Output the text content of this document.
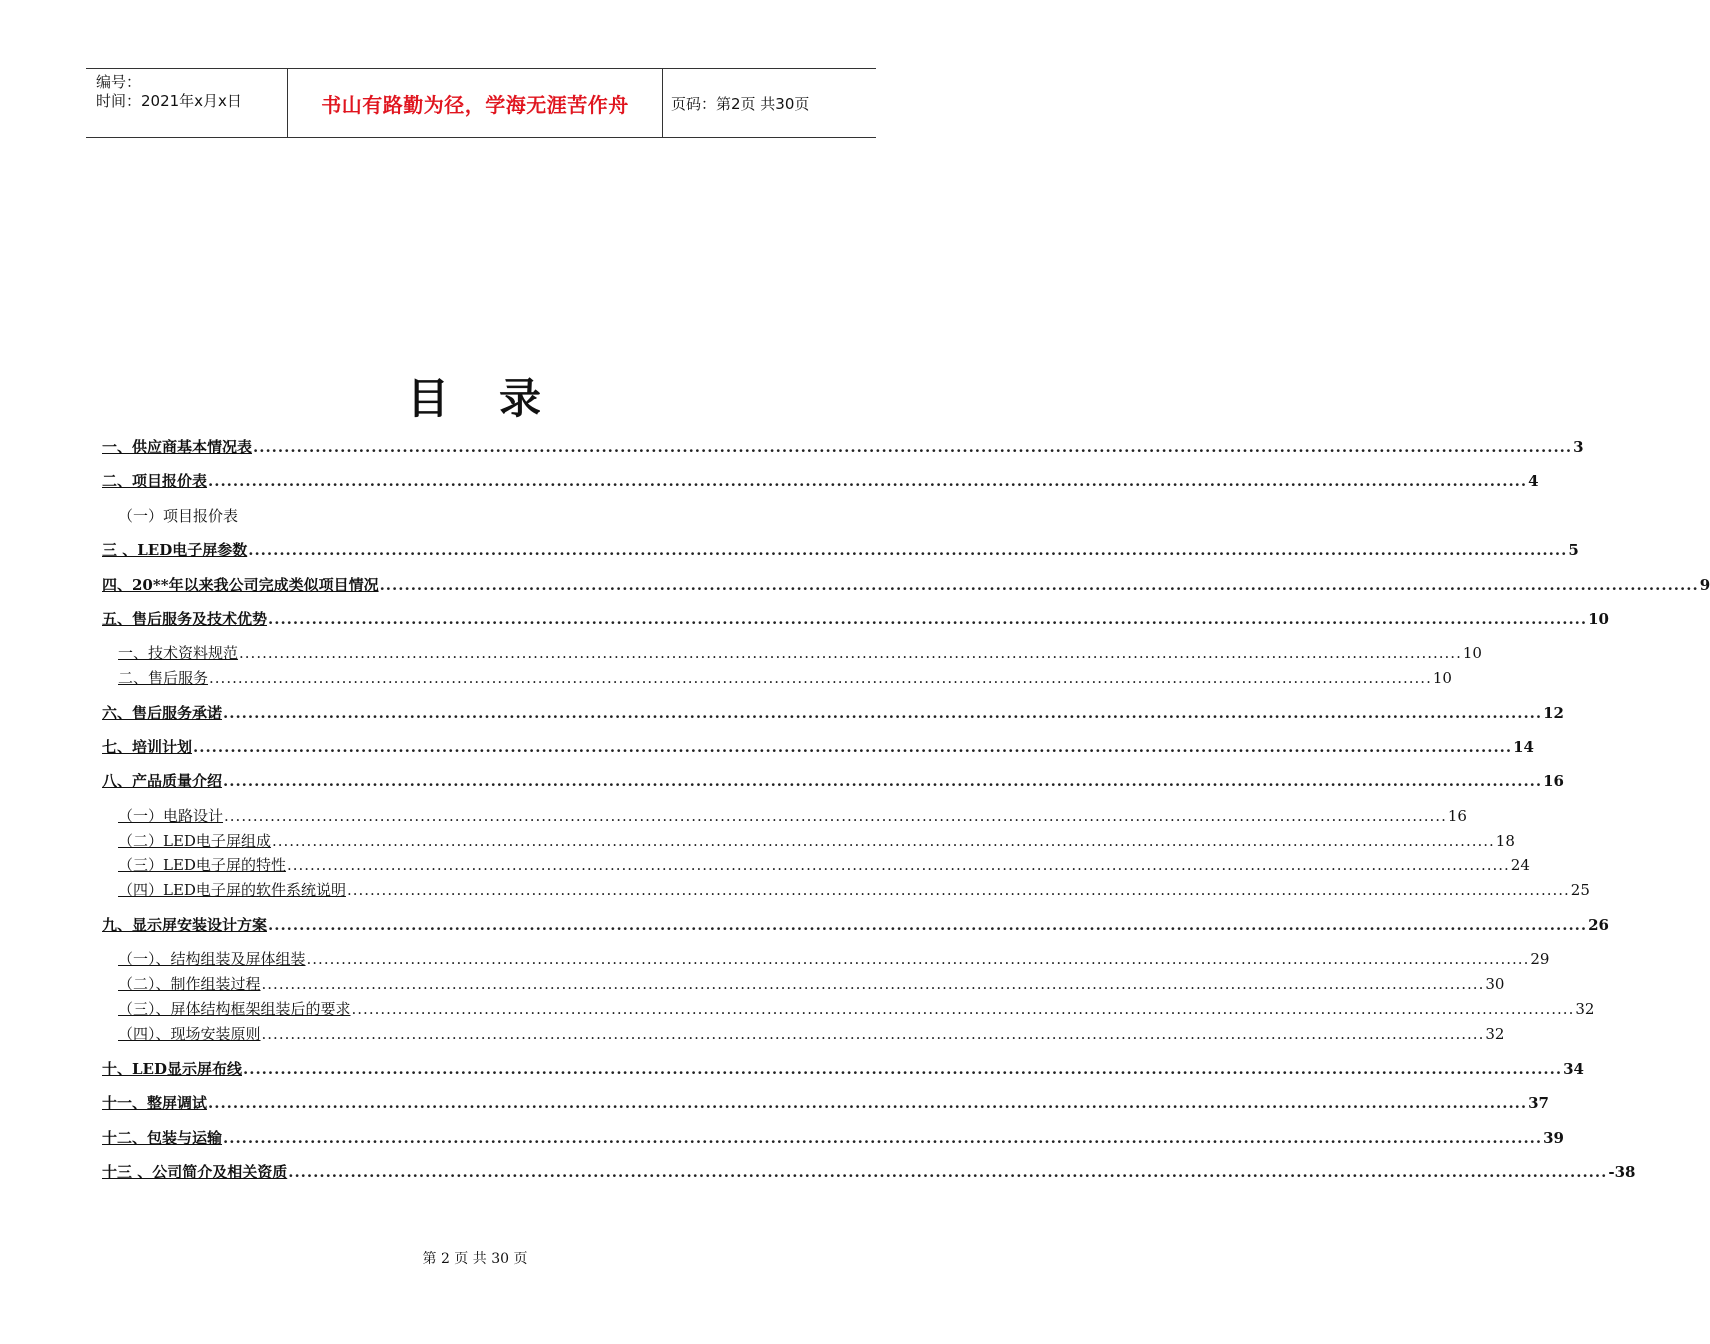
编号：
时间：2021年x月x日	书山有路勤为径，学海无涯苦作舟	页码：第2页 共30页
目 录
一、供应商基本情况表 .................................................................................................................................................................................................................... 3
二、项目报价表 .................................................................................................................................................................................................................... 4
（一）项目报价表
三 、LED电子屏参数 .................................................................................................................................................................................................................... 5
四、20**年以来我公司完成类似项目情况 .................................................................................................................................................................................................................... 9
五、售后服务及技术优势 .................................................................................................................................................................................................................... 10
一、技术资料规范 .................................................................................................................................................................................................................... 10
二、售后服务 .................................................................................................................................................................................................................... 10
六、售后服务承诺 .................................................................................................................................................................................................................... 12
七、培训计划 .................................................................................................................................................................................................................... 14
八、产品质量介绍 .................................................................................................................................................................................................................... 16
（一）电路设计 .................................................................................................................................................................................................................... 16
（二）LED电子屏组成 .................................................................................................................................................................................................................... 18
（三）LED电子屏的特性 .................................................................................................................................................................................................................... 24
（四）LED电子屏的软件系统说明 .................................................................................................................................................................................................................... 25
九、显示屏安装设计方案 .................................................................................................................................................................................................................... 26
（一）、结构组装及屏体组装 .................................................................................................................................................................................................................... 29
（二）、制作组装过程 .................................................................................................................................................................................................................... 30
（三）、屏体结构框架组装后的要求 .................................................................................................................................................................................................................... 32
（四）、现场安装原则 .................................................................................................................................................................................................................... 32
十、LED显示屏布线 .................................................................................................................................................................................................................... 34
十一、整屏调试 .................................................................................................................................................................................................................... 37
十二、包装与运输 .................................................................................................................................................................................................................... 39
十三 、公司简介及相关资质 .................................................................................................................................................................................................................... -38
第 2 页 共 30 页
